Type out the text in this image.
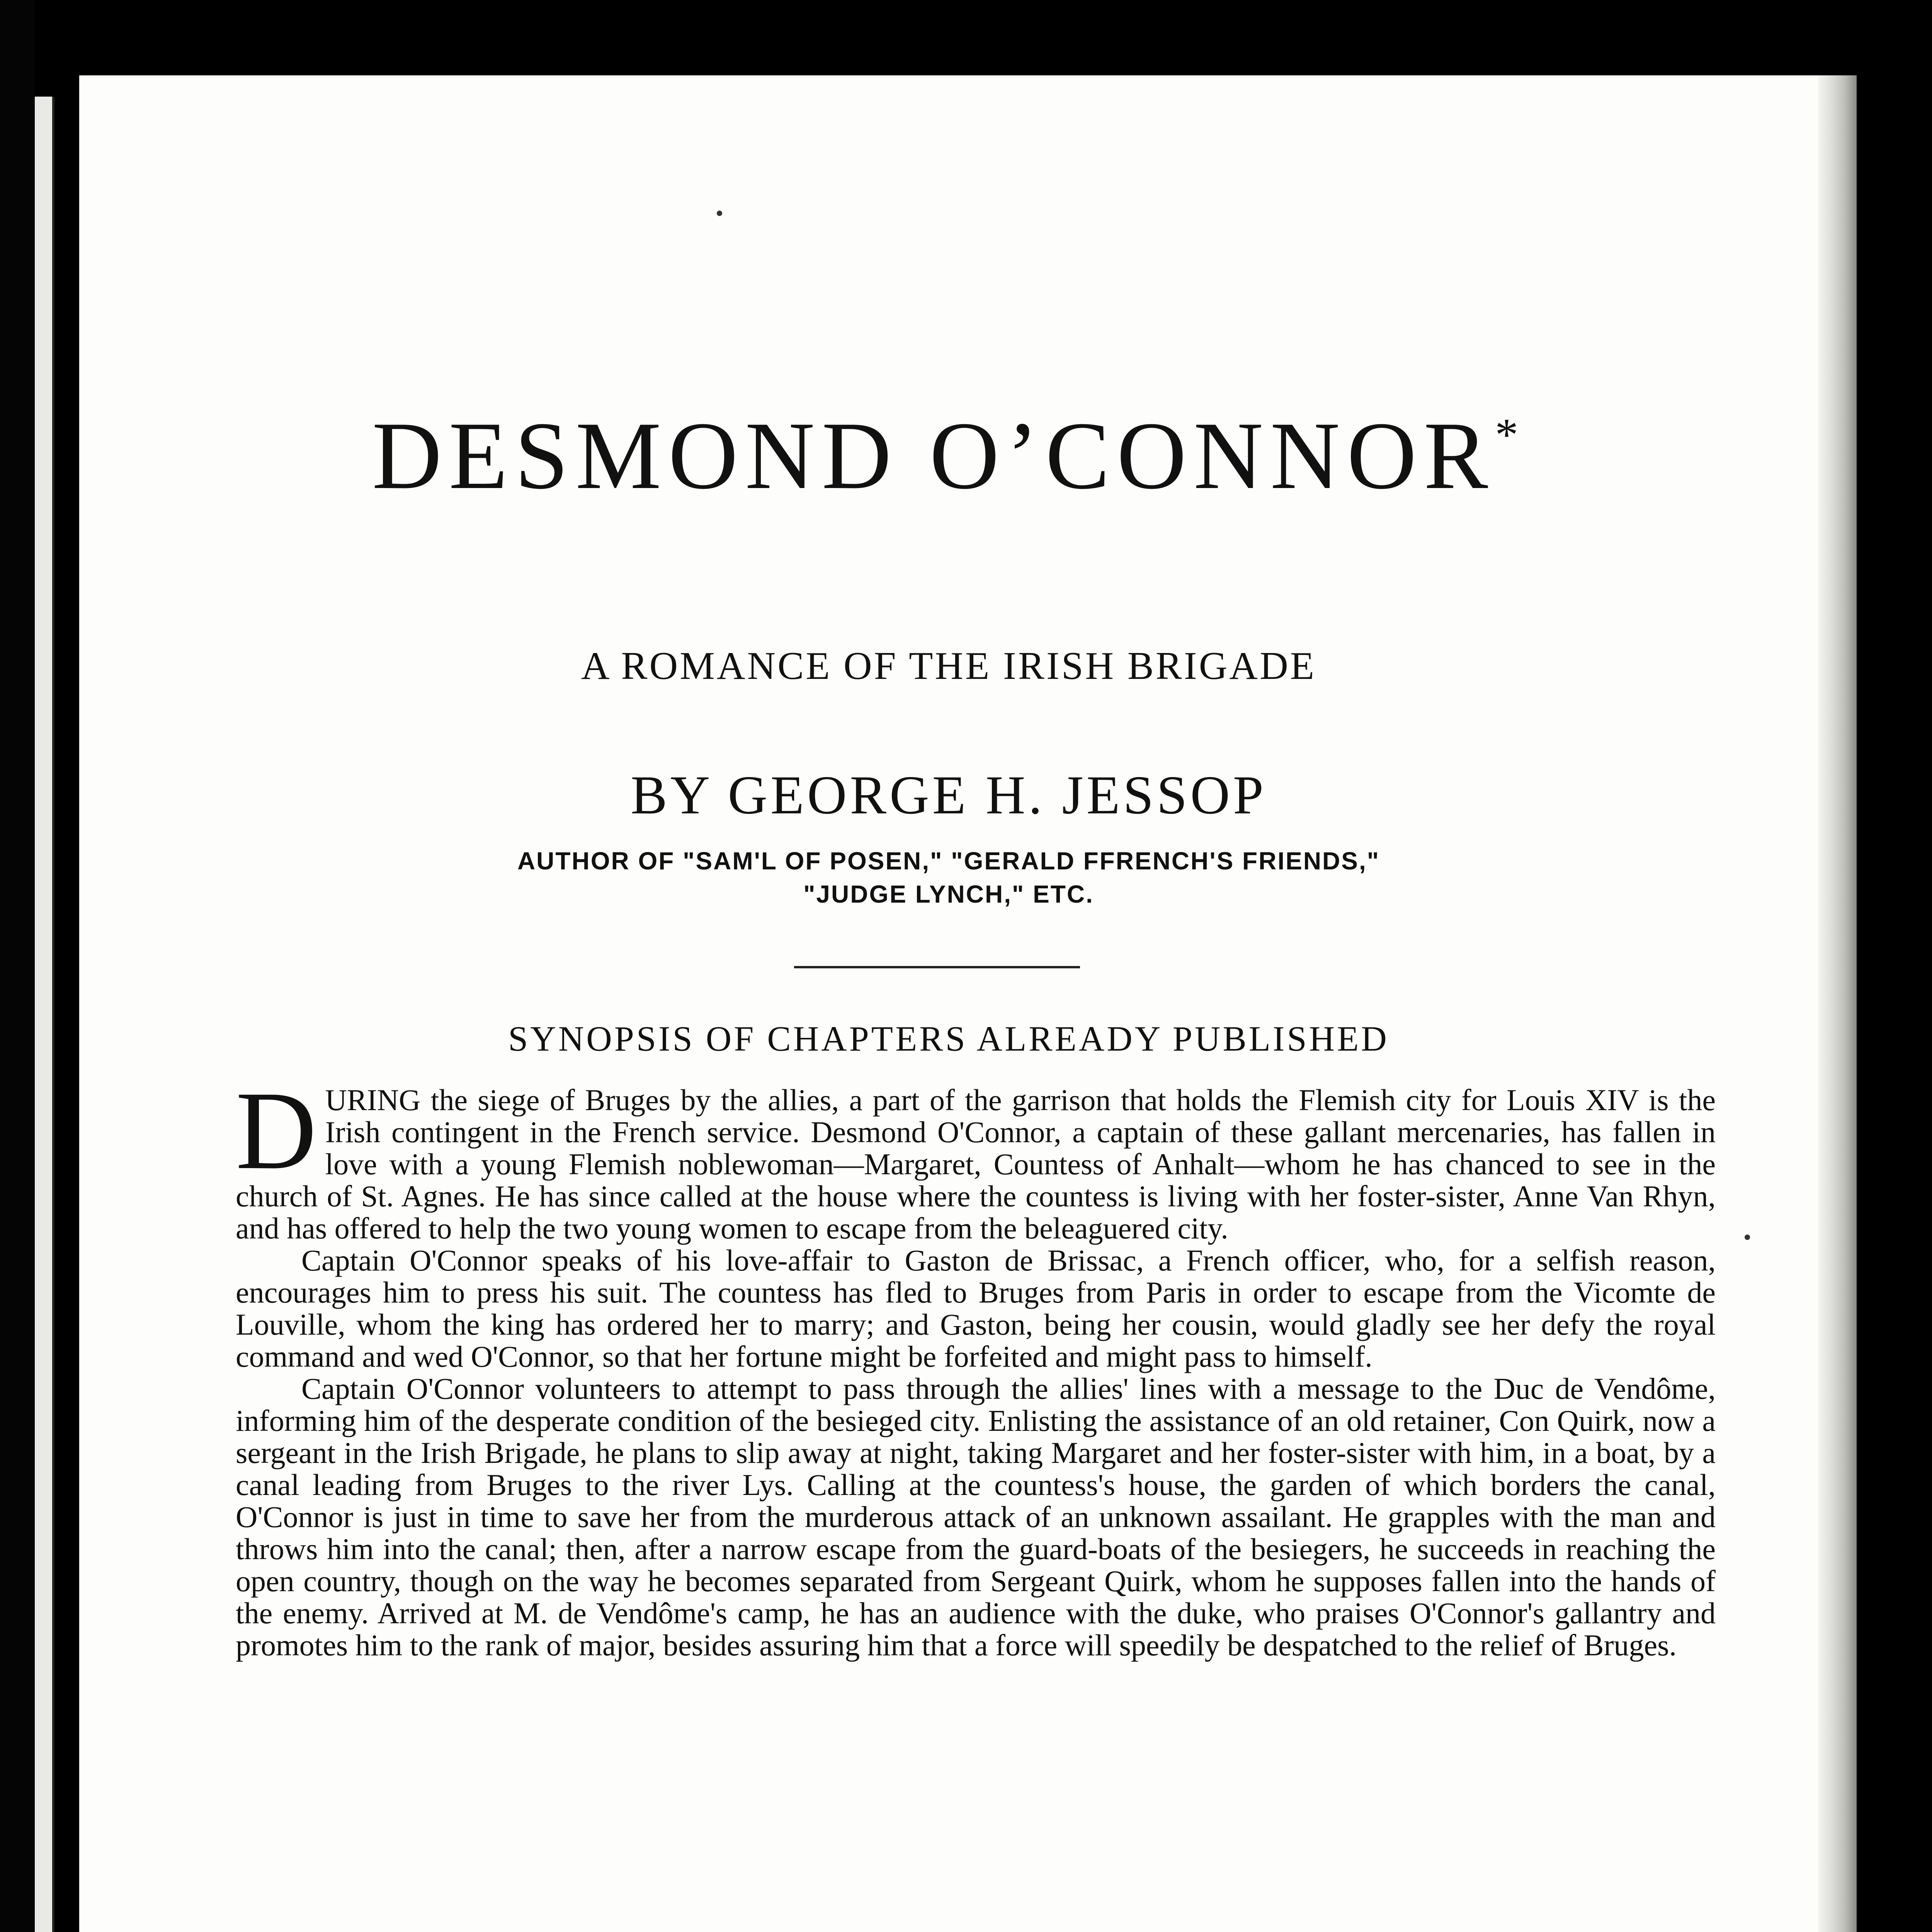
DESMOND O’CONNOR*
A ROMANCE OF THE IRISH BRIGADE
BY GEORGE H. JESSOP
AUTHOR OF "SAM'L OF POSEN," "GERALD FFRENCH'S FRIENDS,"
"JUDGE LYNCH," ETC.
SYNOPSIS OF CHAPTERS ALREADY PUBLISHED

DURING the siege of Bruges by the allies, a part of the garrison that holds the Flemish city for Louis XIV is the Irish contingent in the French service. Desmond O'Connor, a captain of these gallant mercenaries, has fallen in love with a young Flemish noblewoman—Margaret, Countess of Anhalt—whom he has chanced to see in the church of St. Agnes. He has since called at the house where the countess is living with her foster-sister, Anne Van Rhyn, and has offered to help the two young women to escape from the beleaguered city.

Captain O'Connor speaks of his love-affair to Gaston de Brissac, a French officer, who, for a selfish reason, encourages him to press his suit. The countess has fled to Bruges from Paris in order to escape from the Vicomte de Louville, whom the king has ordered her to marry; and Gaston, being her cousin, would gladly see her defy the royal command and wed O'Connor, so that her fortune might be forfeited and might pass to himself.

Captain O'Connor volunteers to attempt to pass through the allies' lines with a message to the Duc de Vendôme, informing him of the desperate condition of the besieged city. Enlisting the assistance of an old retainer, Con Quirk, now a sergeant in the Irish Brigade, he plans to slip away at night, taking Margaret and her foster-sister with him, in a boat, by a canal leading from Bruges to the river Lys. Calling at the countess's house, the garden of which borders the canal, O'Connor is just in time to save her from the murderous attack of an unknown assailant. He grapples with the man and throws him into the canal; then, after a narrow escape from the guard-boats of the besiegers, he succeeds in reaching the open country, though on the way he becomes separated from Sergeant Quirk, whom he supposes fallen into the hands of the enemy. Arrived at M. de Vendôme's camp, he has an audience with the duke, who praises O'Connor's gallantry and promotes him to the rank of major, besides assuring him that a force will speedily be despatched to the relief of Bruges.
